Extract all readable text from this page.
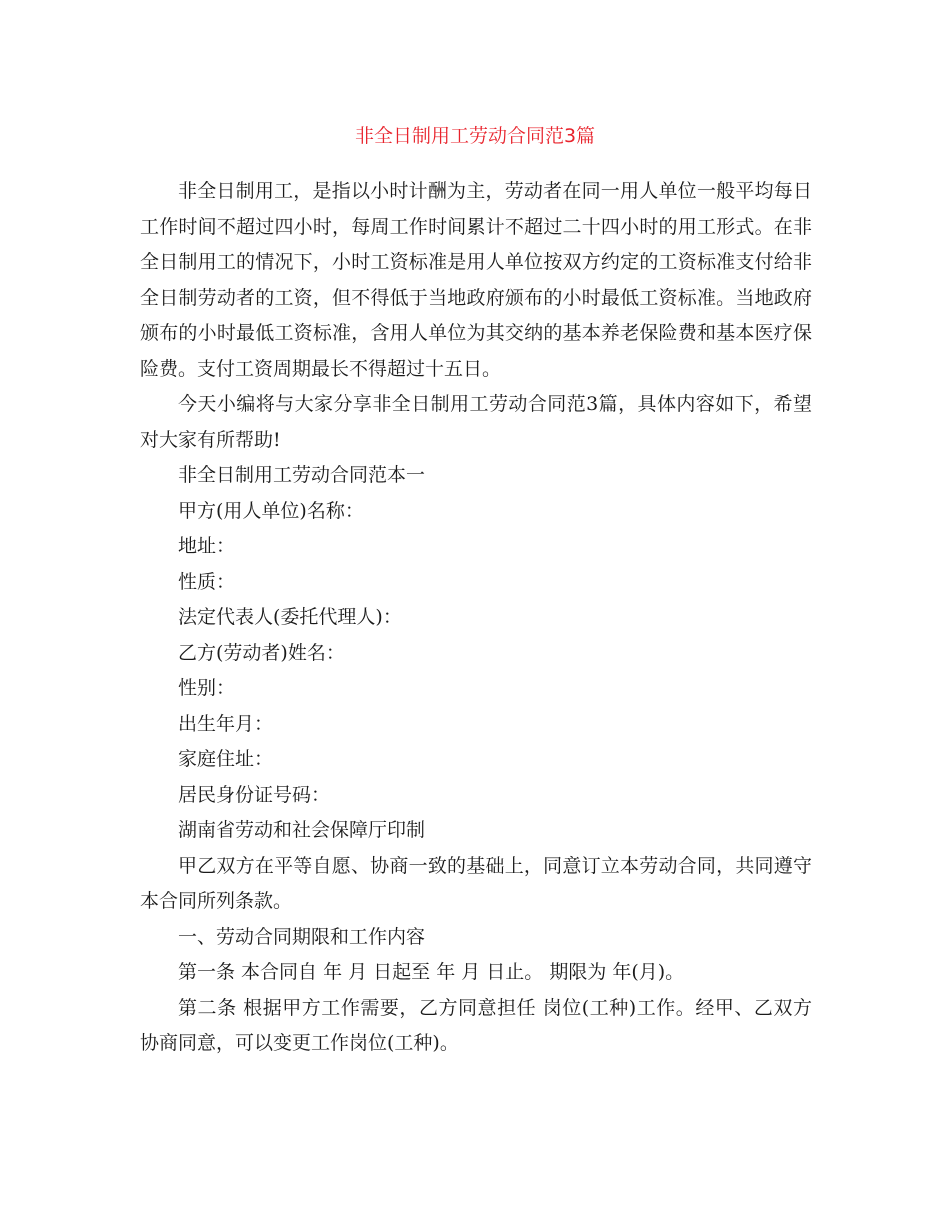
非全日制用工劳动合同范3篇

非全日制用工，是指以小时计酬为主，劳动者在同一用人单位一般平均每日工作时间不超过四小时，每周工作时间累计不超过二十四小时的用工形式。在非全日制用工的情况下，小时工资标准是用人单位按双方约定的工资标准支付给非全日制劳动者的工资，但不得低于当地政府颁布的小时最低工资标准。当地政府颁布的小时最低工资标准，含用人单位为其交纳的基本养老保险费和基本医疗保险费。支付工资周期最长不得超过十五日。

今天小编将与大家分享非全日制用工劳动合同范3篇，具体内容如下，希望对大家有所帮助!

非全日制用工劳动合同范本一

甲方(用人单位)名称：

地址：

性质：

法定代表人(委托代理人)：

乙方(劳动者)姓名：

性别：

出生年月：

家庭住址：

居民身份证号码：

湖南省劳动和社会保障厅印制

甲乙双方在平等自愿、协商一致的基础上，同意订立本劳动合同，共同遵守本合同所列条款。

一、劳动合同期限和工作内容

第一条 本合同自 年 月 日起至 年 月 日止。 期限为 年(月)。

第二条 根据甲方工作需要，乙方同意担任 岗位(工种)工作。经甲、乙双方协商同意，可以变更工作岗位(工种)。
